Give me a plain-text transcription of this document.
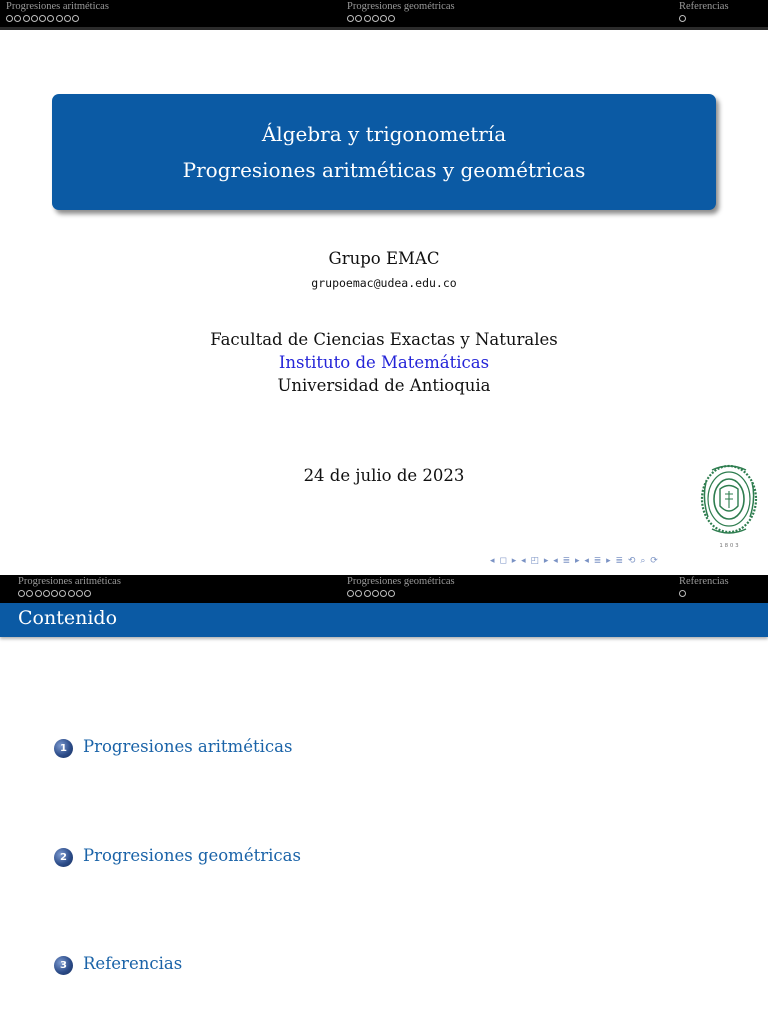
Progresiones aritméticas	Progresiones geométricas	Referencias
Álgebra y trigonometría
Progresiones aritméticas y geométricas
Grupo EMAC
grupoemac@udea.edu.co
Facultad de Ciencias Exactas y Naturales
Instituto de Matemáticas
Universidad de Antioquia
24 de julio de 2023
1 8 0 3
◂ ◻ ▸ ◂ ◰ ▸ ◂ ≣ ▸ ◂ ≣ ▸ ≣ ⟲ ⌕ ⟳
Progresiones aritméticas	Progresiones geométricas	Referencias
Contenido
1 Progresiones aritméticas
2 Progresiones geométricas
3 Referencias
